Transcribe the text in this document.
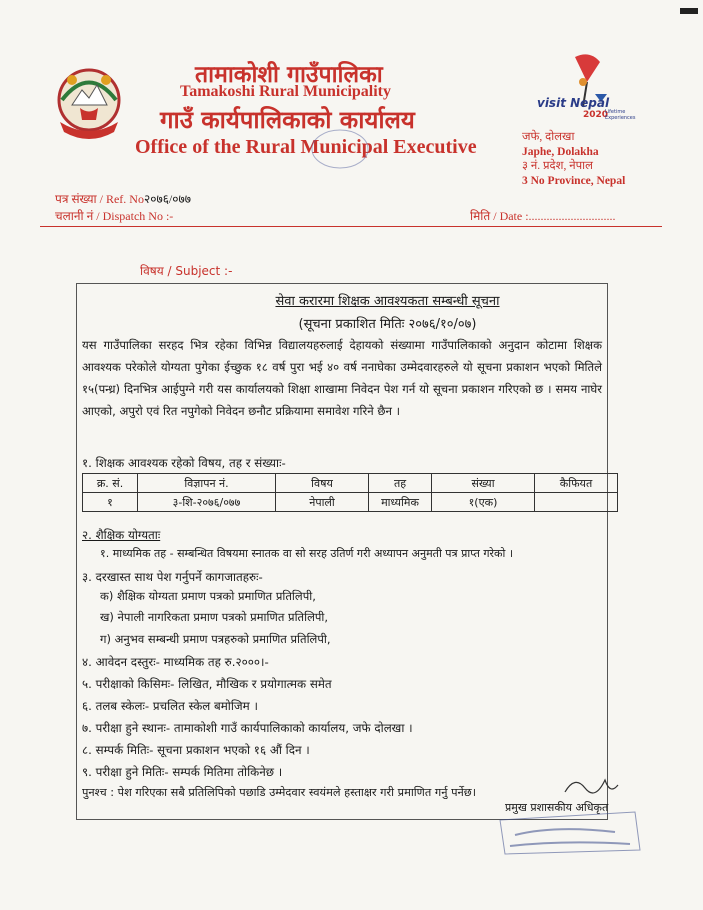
तामाकोशी गाउँपालिका
Tamakoshi Rural Municipality
गाउँ कार्यपालिकाको कार्यालय
Office of the Rural Municipal Executive
visit Nepal
2020
Lifetime Experiences
जफे, दोलखा
Japhe, Dolakha
३ नं. प्रदेश, नेपाल
3 No Province, Nepal
पत्र संख्या / Ref. No२०७६/०७७
चलानी नं / Dispatch No :-	मिति / Date :.............................
विषय / Subject :-
सेवा करारमा शिक्षक आवश्यकता सम्बन्धी सूचना
(सूचना प्रकाशित मितिः २०७६/१०/०७)
यस गाउँपालिका सरहद भित्र रहेका विभिन्न विद्यालयहरुलाई देहायको संख्यामा गाउँपालिकाको अनुदान कोटामा शिक्षक आवश्यक परेकोले योग्यता पुगेका ईच्छुक १८ वर्ष पुरा भई ४० वर्ष ननाघेका उम्मेदवारहरुले यो सूचना प्रकाशन भएको मितिले १५(पन्ध्र) दिनभित्र आईपुग्ने गरी यस कार्यालयको शिक्षा शाखामा निवेदन पेश गर्न यो सूचना प्रकाशन गरिएको छ । समय नाघेर आएको, अपुरो एवं रित नपुगेको निवेदन छनौट प्रक्रियामा समावेश गरिने छैन ।
१. शिक्षक आवश्यक रहेको विषय, तह र संख्याः-
क्र. सं.	विज्ञापन नं.	विषय	तह	संख्या	कैफियत
१	३-शि-२०७६/०७७	नेपाली	माध्यमिक	१(एक)	
२. शैक्षिक योग्यताः
१. माध्यमिक तह - सम्बन्धित विषयमा स्नातक वा सो सरह उतिर्ण गरी अध्यापन अनुमती पत्र प्राप्त गरेको ।
३. दरखास्त साथ पेश गर्नुपर्ने कागजातहरुः-
क) शैक्षिक योग्यता प्रमाण पत्रको प्रमाणित प्रतिलिपी,
ख) नेपाली नागरिकता प्रमाण पत्रको प्रमाणित प्रतिलिपी,
ग) अनुभव सम्बन्धी प्रमाण पत्रहरुको प्रमाणित प्रतिलिपी,
४. आवेदन दस्तुरः- माध्यमिक तह रु.२०००।-
५. परीक्षाको किसिमः- लिखित, मौखिक र प्रयोगात्मक समेत
६. तलब स्केलः- प्रचलित स्केल बमोजिम ।
७. परीक्षा हुने स्थानः- तामाकोशी गाउँ कार्यपालिकाको कार्यालय, जफे दोलखा ।
८. सम्पर्क मितिः- सूचना प्रकाशन भएको १६ औं दिन ।
९. परीक्षा हुने मितिः- सम्पर्क मितिमा तोकिनेछ ।
पुनश्च : पेश गरिएका सबै प्रतिलिपिको पछाडि उम्मेदवार स्वयंमले हस्ताक्षर गरी प्रमाणित गर्नु पर्नेछ।
प्रमुख प्रशासकीय अधिकृत
